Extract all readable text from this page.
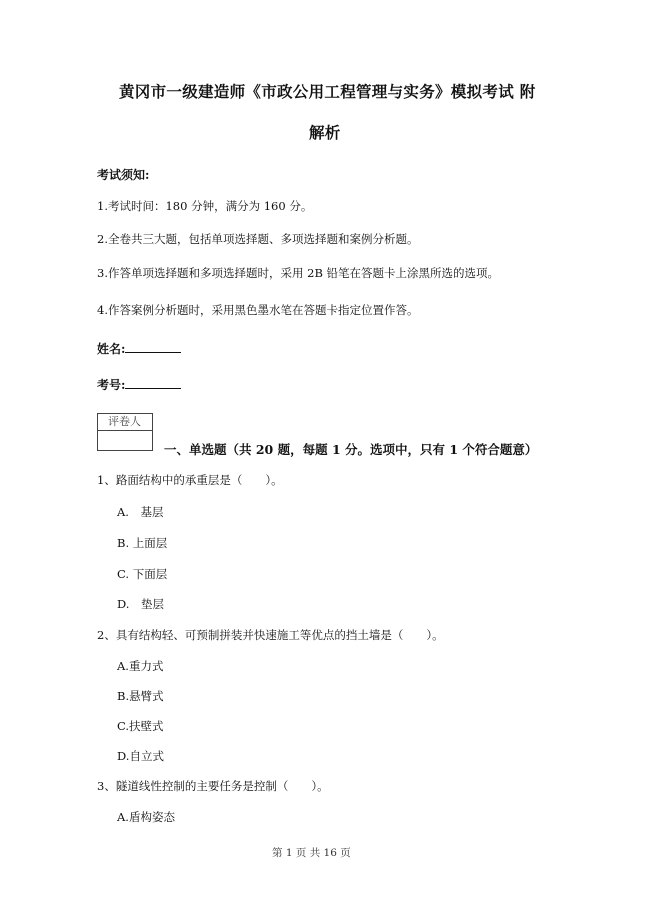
黄冈市一级建造师《市政公用工程管理与实务》模拟考试 附
解析
考试须知:
1.考试时间：180 分钟，满分为 160 分。
2.全卷共三大题，包括单项选择题、多项选择题和案例分析题。
3.作答单项选择题和多项选择题时，采用 2B 铅笔在答题卡上涂黑所选的选项。
4.作答案例分析题时，采用黑色墨水笔在答题卡指定位置作答。
姓名:
考号:
评卷人
一、单选题（共 20 题，每题 1 分。选项中，只有 1 个符合题意）
1、路面结构中的承重层是（　　）。
A.　基层
B. 上面层
C. 下面层
D.　垫层
2、具有结构轻、可预制拼装并快速施工等优点的挡土墙是（　　）。
A.重力式
B.悬臂式
C.扶壁式
D.自立式
3、隧道线性控制的主要任务是控制（　　）。
A.盾构姿态
第 1 页 共 16 页
